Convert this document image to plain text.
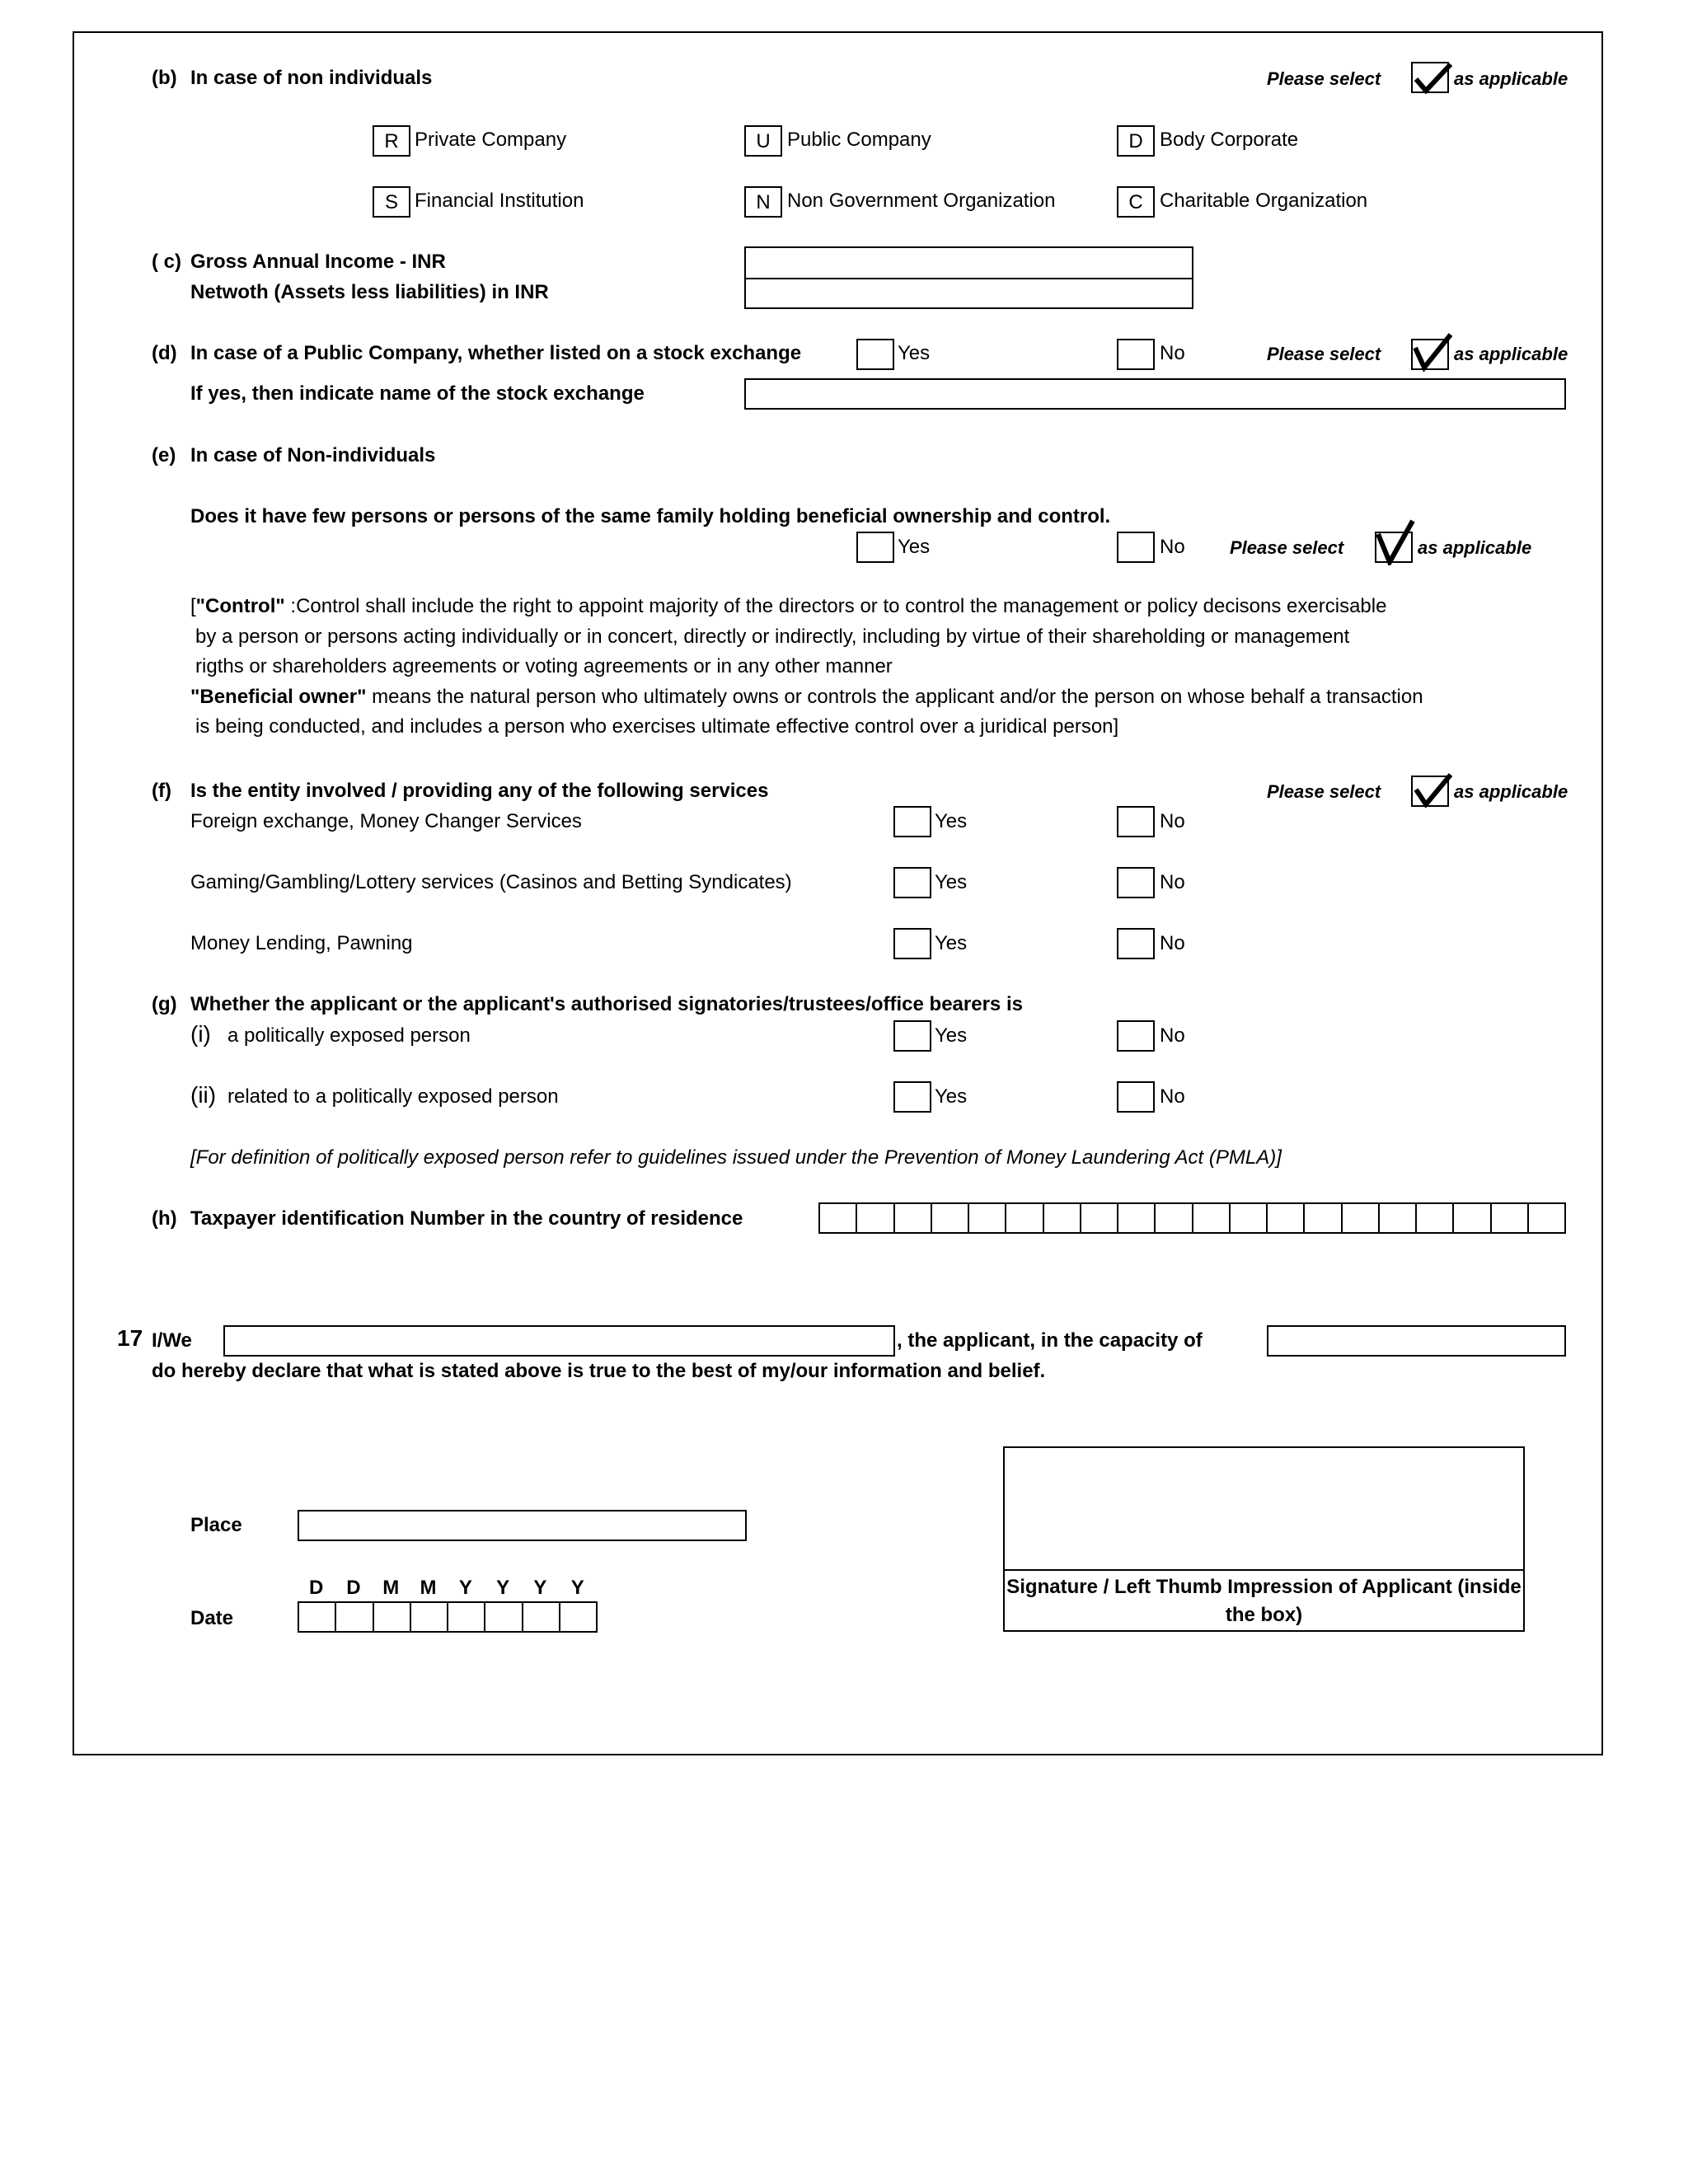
(b) In case of non individuals	Please select	as applicable
R Private Company	U Public Company	D Body Corporate
S Financial Institution	N Non Government Organization	C Charitable Organization
( c) Gross Annual Income - INR
Netwoth (Assets less liabilities) in INR
(d) In case of a Public Company, whether listed on a stock exchange	Yes	No	Please select	as applicable
If yes, then indicate name of the stock exchange
(e) In case of Non-individuals
Does it have few persons or persons of the same family holding beneficial ownership and control.
Yes	No Please select	as applicable
["Control" :Control shall include the right to appoint majority of the directors or to control the management or policy decisons exercisable
by a person or persons acting individually or in concert, directly or indirectly, including by virtue of their shareholding or management
rigths or shareholders agreements or voting agreements or in any other manner
"Beneficial owner" means the natural person who ultimately owns or controls the applicant and/or the person on whose behalf a transaction
is being conducted, and includes a person who exercises ultimate effective control over a juridical person]
(f) Is the entity involved / providing any of the following services	Please select	as applicable
Foreign exchange, Money Changer Services	Yes	No
Gaming/Gambling/Lottery services (Casinos and Betting Syndicates)	Yes	No
Money Lending, Pawning	Yes	No
(g) Whether the applicant or the applicant's authorised signatories/trustees/office bearers is
(i) a politically exposed person	Yes	No
(ii) related to a politically exposed person	Yes	No
[For definition of politically exposed person refer to guidelines issued under the Prevention of Money Laundering Act (PMLA)]
(h) Taxpayer identification Number in the country of residence
17 I/We	, the applicant, in the capacity of
do hereby declare that what is stated above is true to the best of my/our information and belief.
Place
D	D	M	M	Y	Y	Y	Y
Date
Signature / Left Thumb Impression of Applicant (inside the box)
